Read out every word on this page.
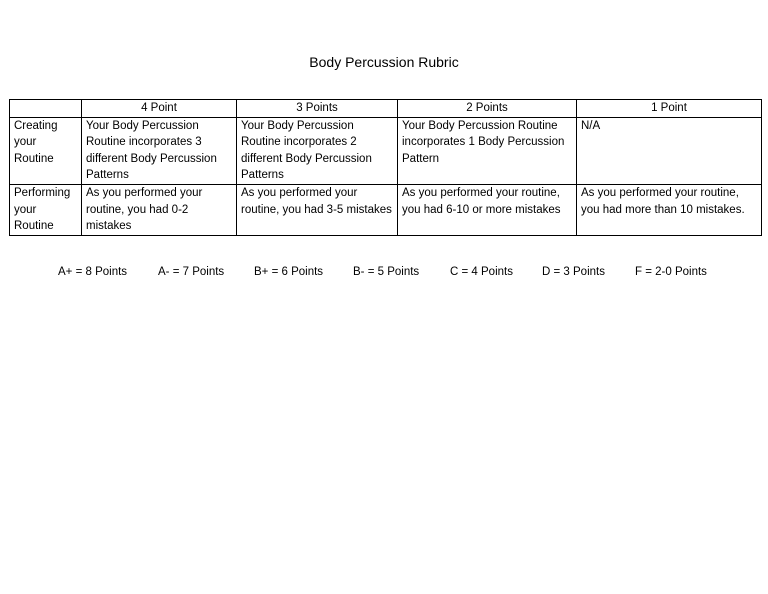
Body Percussion Rubric
	4 Point	3 Points	2 Points	1 Point
Creating your Routine	Your Body Percussion Routine incorporates 3 different Body Percussion Patterns	Your Body Percussion Routine incorporates 2 different Body Percussion Patterns	Your Body Percussion Routine incorporates 1 Body Percussion Pattern	N/A
Performing your Routine	As you performed your routine, you had 0-2 mistakes	As you performed your routine, you had 3-5 mistakes	As you performed your routine, you had 6-10 or more mistakes	As you performed your routine, you had more than 10 mistakes.
A+ = 8 Points	A- = 7 Points	B+ = 6 Points	B- = 5 Points	C = 4 Points	D = 3 Points	F = 2-0 Points
